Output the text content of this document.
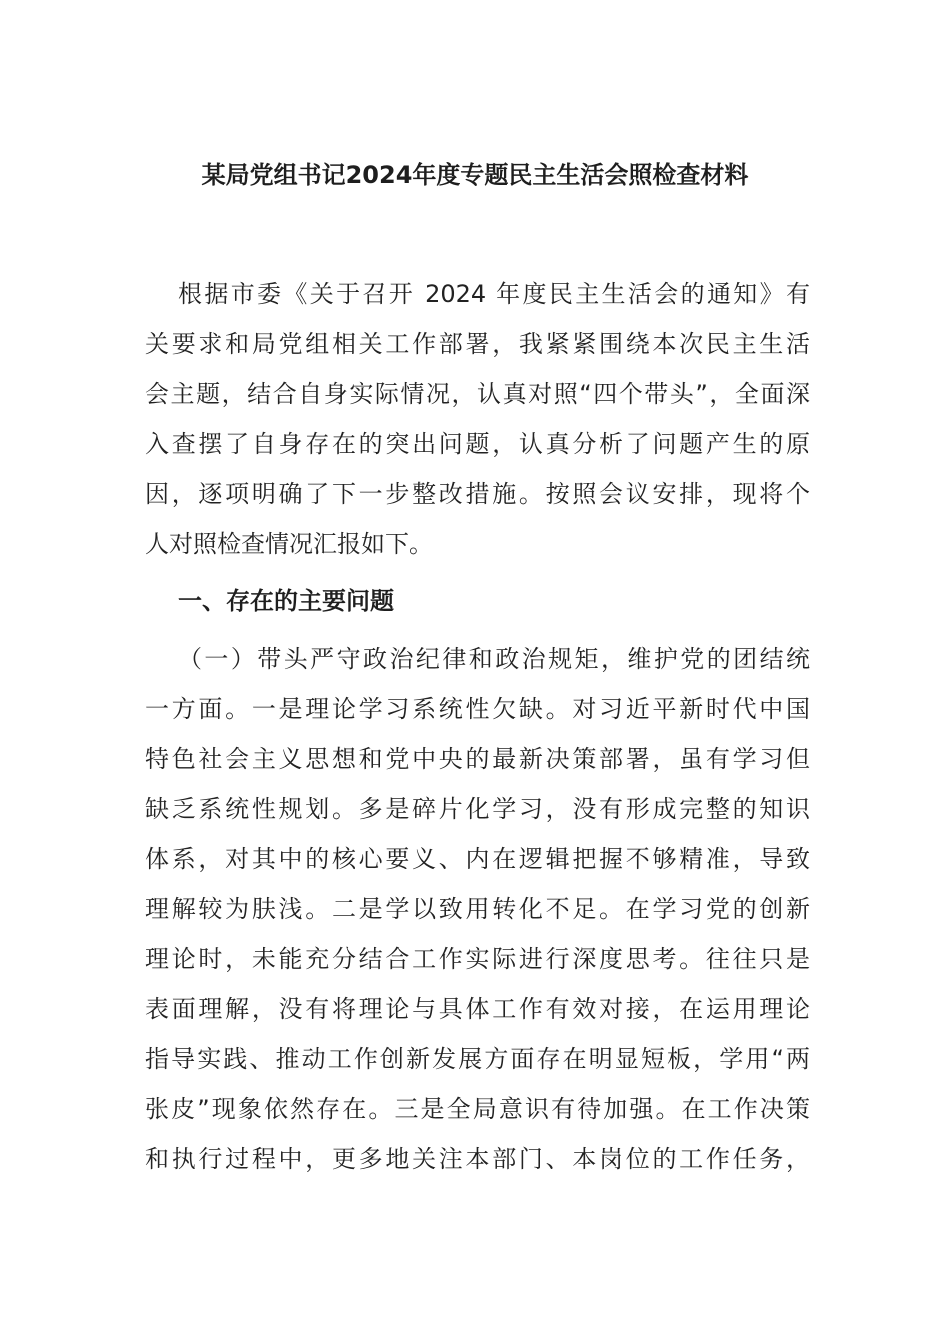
某局党组书记2024年度专题民主生活会照检查材料
根据市委《关于召开 2024 年度民主生活会的通知》有
关要求和局党组相关工作部署，我紧紧围绕本次民主生活
会主题，结合自身实际情况，认真对照“四个带头”，全面深
入查摆了自身存在的突出问题，认真分析了问题产生的原
因，逐项明确了下一步整改措施。按照会议安排，现将个
人对照检查情况汇报如下。
一、存在的主要问题
（一）带头严守政治纪律和政治规矩，维护党的团结统
一方面。一是理论学习系统性欠缺。对习近平新时代中国
特色社会主义思想和党中央的最新决策部署，虽有学习但
缺乏系统性规划。多是碎片化学习，没有形成完整的知识
体系，对其中的核心要义、内在逻辑把握不够精准，导致
理解较为肤浅。二是学以致用转化不足。在学习党的创新
理论时，未能充分结合工作实际进行深度思考。往往只是
表面理解，没有将理论与具体工作有效对接，在运用理论
指导实践、推动工作创新发展方面存在明显短板，学用“两
张皮”现象依然存在。三是全局意识有待加强。在工作决策
和执行过程中，更多地关注本部门、本岗位的工作任务，
